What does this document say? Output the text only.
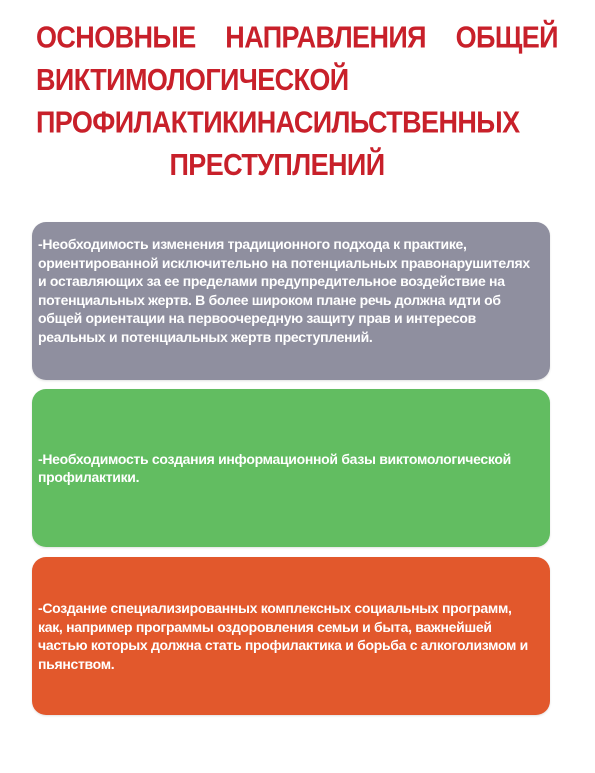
ОСНОВНЫЕ НАПРАВЛЕНИЯ ОБЩЕЙ
ВИКТИМОЛОГИЧЕСКОЙ
ПРОФИЛАКТИКИ НАСИЛЬСТВЕННЫХ
ПРЕСТУПЛЕНИЙ

-Необходимость изменения традиционного подхода к практике, ориентированной исключительно на потенциальных правонарушителях и оставляющих за ее пределами предупредительное воздействие на потенциальных жертв. В более широком плане речь должна идти об общей ориентации на первоочередную защиту прав и интересов реальных и потенциальных жертв преступлений.

-Необходимость создания информационной базы виктомологической профилактики.

-Создание специализированных комплексных социальных программ, как, например программы оздоровления семьи и быта, важнейшей частью которых должна стать профилактика и борьба с алкоголизмом и пьянством.
